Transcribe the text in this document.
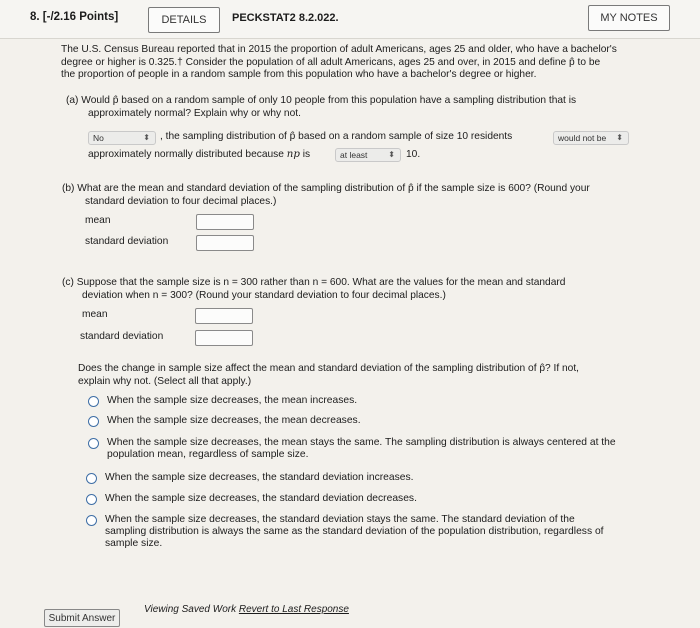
8. [-/2.16 Points]	DETAILS	PECKSTAT2 8.2.022.	MY NOTES
The U.S. Census Bureau reported that in 2015 the proportion of adult Americans, ages 25 and older, who have a bachelor's
degree or higher is 0.325.† Consider the population of all adult Americans, ages 25 and over, in 2015 and define p̂ to be
the proportion of people in a random sample from this population who have a bachelor's degree or higher.
(a) Would p̂ based on a random sample of only 10 people from this population have a sampling distribution that is
approximately normal? Explain why or why not.
No	⬍ , the sampling distribution of p̂ based on a random sample of size 10 residents	would not be ⬍
approximately normally distributed because np is	at least	⬍ 10.
(b) What are the mean and standard deviation of the sampling distribution of p̂ if the sample size is 600? (Round your
standard deviation to four decimal places.)
mean
standard deviation
(c) Suppose that the sample size is n = 300 rather than n = 600. What are the values for the mean and standard
deviation when n = 300? (Round your standard deviation to four decimal places.)
mean
standard deviation
Does the change in sample size affect the mean and standard deviation of the sampling distribution of p̂? If not,
explain why not. (Select all that apply.)
When the sample size decreases, the mean increases.
When the sample size decreases, the mean decreases.
When the sample size decreases, the mean stays the same. The sampling distribution is always centered at the
population mean, regardless of sample size.
When the sample size decreases, the standard deviation increases.
When the sample size decreases, the standard deviation decreases.
When the sample size decreases, the standard deviation stays the same. The standard deviation of the
sampling distribution is always the same as the standard deviation of the population distribution, regardless of
sample size.
Submit Answer
Viewing Saved Work Revert to Last Response
